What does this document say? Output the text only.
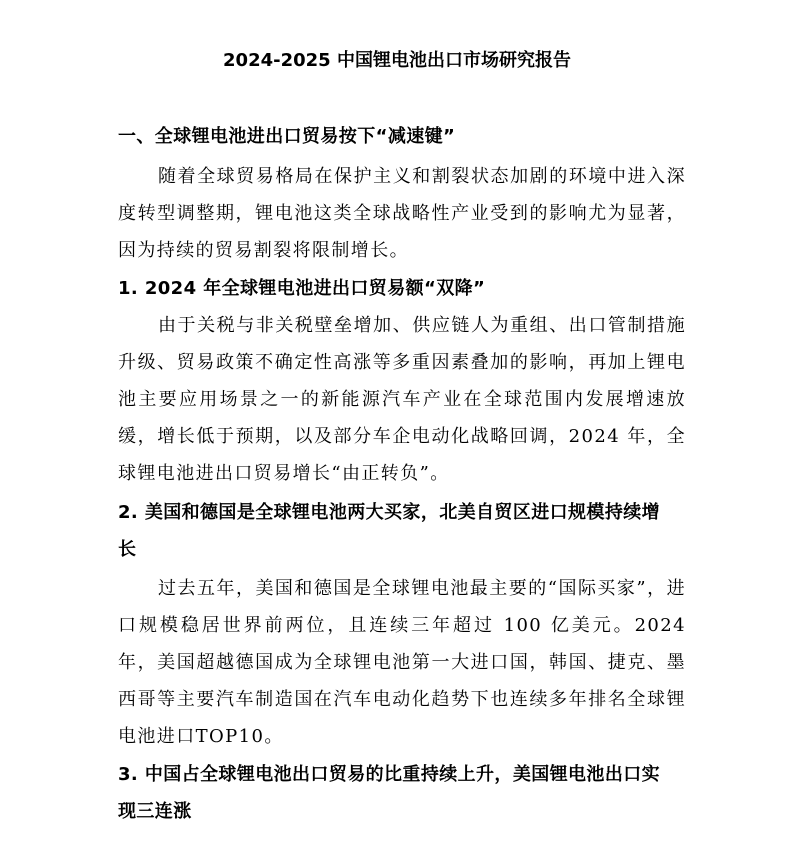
2024-2025 中国锂电池出口市场研究报告
一、全球锂电池进出口贸易按下“减速键”

随着全球贸易格局在保护主义和割裂状态加剧的环境中进入深度转型调整期，锂电池这类全球战略性产业受到的影响尤为显著，因为持续的贸易割裂将限制增长。

1. 2024 年全球锂电池进出口贸易额“双降”

由于关税与非关税壁垒增加、供应链人为重组、出口管制措施升级、贸易政策不确定性高涨等多重因素叠加的影响，再加上锂电池主要应用场景之一的新能源汽车产业在全球范围内发展增速放缓，增长低于预期，以及部分车企电动化战略回调，2024 年，全球锂电池进出口贸易增长“由正转负”。

2. 美国和德国是全球锂电池两大买家，北美自贸区进口规模持续增长

过去五年，美国和德国是全球锂电池最主要的“国际买家”，进口规模稳居世界前两位，且连续三年超过 100 亿美元。2024 年，美国超越德国成为全球锂电池第一大进口国，韩国、捷克、墨西哥等主要汽车制造国在汽车电动化趋势下也连续多年排名全球锂电池进口TOP10。

3. 中国占全球锂电池出口贸易的比重持续上升，美国锂电池出口实现三连涨
